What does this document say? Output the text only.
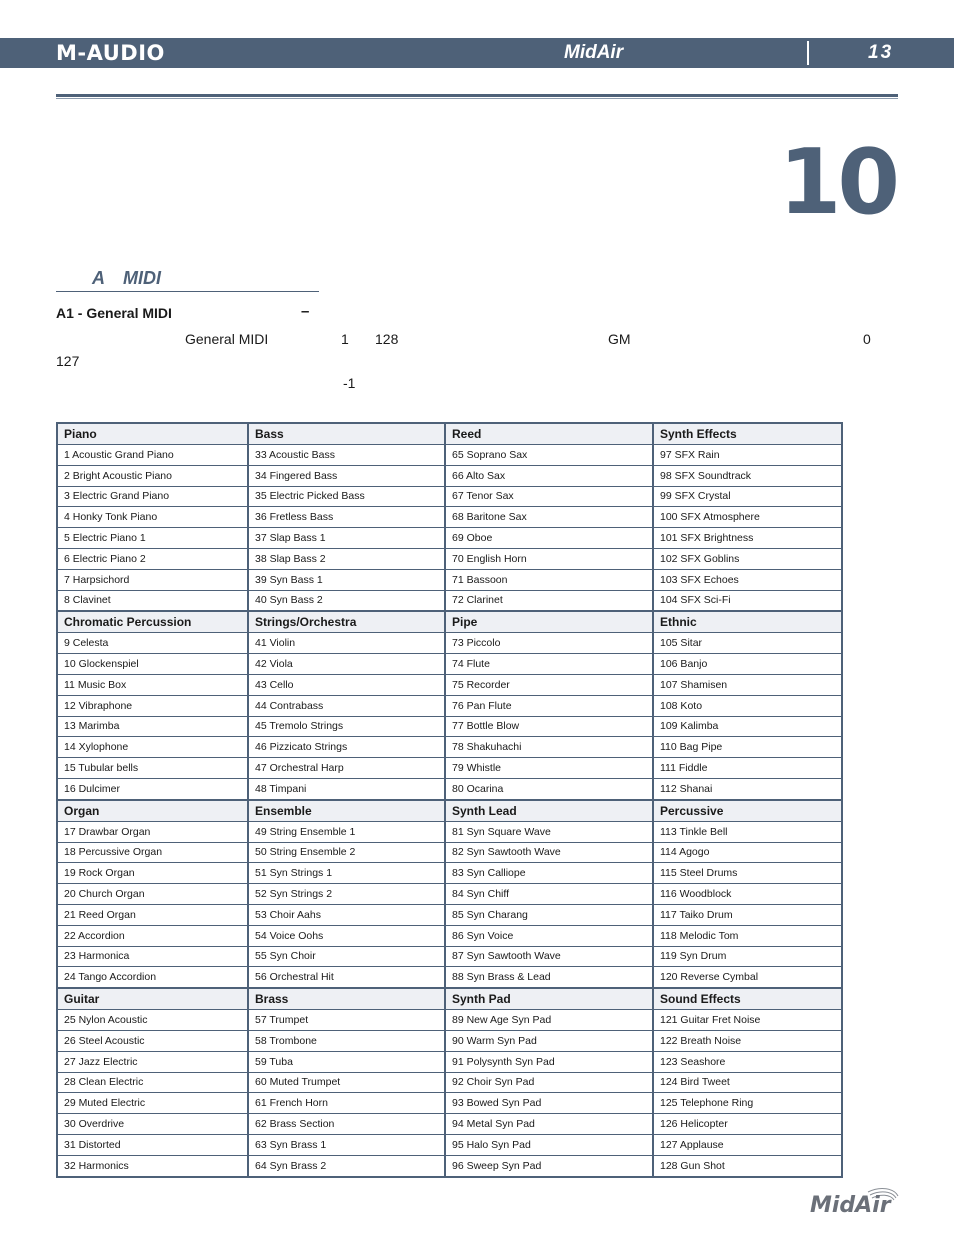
M-AUDIO	MidAir	13
10
A MIDI
A1 - General MIDI	–
General MIDI	1 128	GM	0
127
-1
Piano	Bass	Reed	Synth Effects
1 Acoustic Grand Piano	33 Acoustic Bass	65 Soprano Sax	97 SFX Rain
2 Bright Acoustic Piano	34 Fingered Bass	66 Alto Sax	98 SFX Soundtrack
3 Electric Grand Piano	35 Electric Picked Bass	67 Tenor Sax	99 SFX Crystal
4 Honky Tonk Piano	36 Fretless Bass	68 Baritone Sax	100 SFX Atmosphere
5 Electric Piano 1	37 Slap Bass 1	69 Oboe	101 SFX Brightness
6 Electric Piano 2	38 Slap Bass 2	70 English Horn	102 SFX Goblins
7 Harpsichord	39 Syn Bass 1	71 Bassoon	103 SFX Echoes
8 Clavinet	40 Syn Bass 2	72 Clarinet	104 SFX Sci-Fi
Chromatic Percussion	Strings/Orchestra	Pipe	Ethnic
9 Celesta	41 Violin	73 Piccolo	105 Sitar
10 Glockenspiel	42 Viola	74 Flute	106 Banjo
11 Music Box	43 Cello	75 Recorder	107 Shamisen
12 Vibraphone	44 Contrabass	76 Pan Flute	108 Koto
13 Marimba	45 Tremolo Strings	77 Bottle Blow	109 Kalimba
14 Xylophone	46 Pizzicato Strings	78 Shakuhachi	110 Bag Pipe
15 Tubular bells	47 Orchestral Harp	79 Whistle	111 Fiddle
16 Dulcimer	48 Timpani	80 Ocarina	112 Shanai
Organ	Ensemble	Synth Lead	Percussive
17 Drawbar Organ	49 String Ensemble 1	81 Syn Square Wave	113 Tinkle Bell
18 Percussive Organ	50 String Ensemble 2	82 Syn Sawtooth Wave	114 Agogo
19 Rock Organ	51 Syn Strings 1	83 Syn Calliope	115 Steel Drums
20 Church Organ	52 Syn Strings 2	84 Syn Chiff	116 Woodblock
21 Reed Organ	53 Choir Aahs	85 Syn Charang	117 Taiko Drum
22 Accordion	54 Voice Oohs	86 Syn Voice	118 Melodic Tom
23 Harmonica	55 Syn Choir	87 Syn Sawtooth Wave	119 Syn Drum
24 Tango Accordion	56 Orchestral Hit	88 Syn Brass & Lead	120 Reverse Cymbal
Guitar	Brass	Synth Pad	Sound Effects
25 Nylon Acoustic	57 Trumpet	89 New Age Syn Pad	121 Guitar Fret Noise
26 Steel Acoustic	58 Trombone	90 Warm Syn Pad	122 Breath Noise
27 Jazz Electric	59 Tuba	91 Polysynth Syn Pad	123 Seashore
28 Clean Electric	60 Muted Trumpet	92 Choir Syn Pad	124 Bird Tweet
29 Muted Electric	61 French Horn	93 Bowed Syn Pad	125 Telephone Ring
30 Overdrive	62 Brass Section	94 Metal Syn Pad	126 Helicopter
31 Distorted	63 Syn Brass 1	95 Halo Syn Pad	127 Applause
32 Harmonics	64 Syn Brass 2	96 Sweep Syn Pad	128 Gun Shot
MidAir
